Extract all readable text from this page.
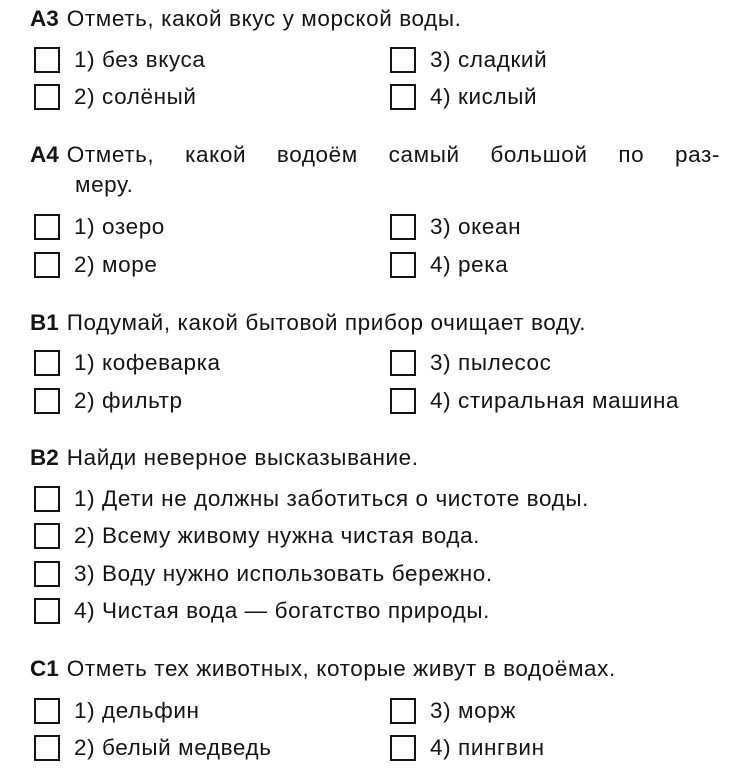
A3 Отметь, какой вкус у морской воды.
1) без вкуса	3) сладкий
2) солёный	4) кислый
A4 Отметь, какой водоём самый большой по раз-
меру.
1) озеро	3) океан
2) море	4) река
B1 Подумай, какой бытовой прибор очищает воду.
1) кофеварка	3) пылесос
2) фильтр	4) стиральная машина
B2 Найди неверное высказывание.
1) Дети не должны заботиться о чистоте воды.
2) Всему живому нужна чистая вода.
3) Воду нужно использовать бережно.
4) Чистая вода — богатство природы.
C1 Отметь тех животных, которые живут в водоёмах.
1) дельфин	3) морж
2) белый медведь	4) пингвин
